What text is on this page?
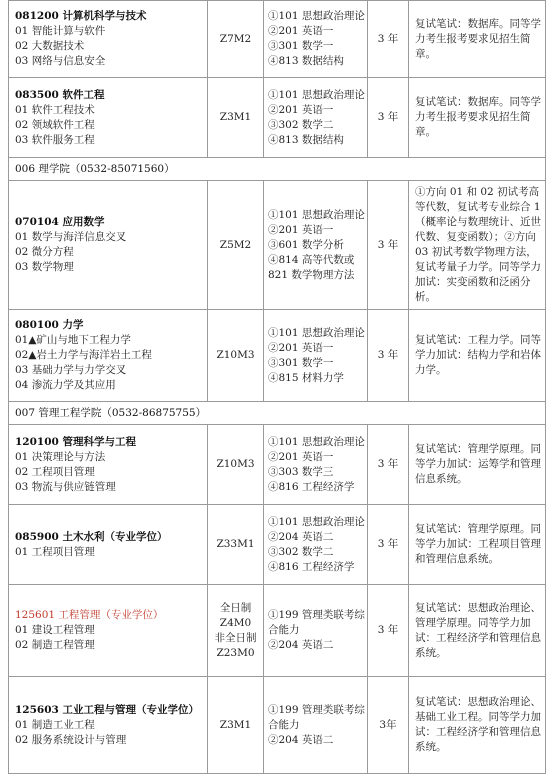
081200 计算机科学与技术
01 智能计算与软件
02 大数据技术
03 网络与信息安全	Z7M2	①101 思想政治理论
②201 英语一
③301 数学一
④813 数据结构	3 年	复试笔试：数据库。同等学力考生报考要求见招生简章。

083500 软件工程
01 软件工程技术
02 领域软件工程
03 软件服务工程	Z3M1	①101 思想政治理论
②201 英语一
③302 数学二
④813 数据结构	3 年	复试笔试：数据库。同等学力考生报考要求见招生简章。
006 理学院（0532-85071560）				

070104 应用数学
01 数学与海洋信息交叉
02 微分方程
03 数学物理	Z5M2	①101 思想政治理论
②201 英语一
③601 数学分析
④814 高等代数或821 数学物理方法	3 年	①方向 01 和 02 初试考高等代数，复试考专业综合 1（概率论与数理统计、近世代数、复变函数）；②方向 03 初试考数学物理方法，复试考量子力学。同等学力加试：实变函数和泛函分析。

080100 力学
01▲矿山与地下工程力学
02▲岩土力学与海洋岩土工程
03 基础力学与力学交叉
04 渗流力学及其应用	Z10M3	①101 思想政治理论
②201 英语一
③301 数学一
④815 材料力学	3 年	复试笔试：工程力学。同等学力加试：结构力学和岩体力学。
007 管理工程学院（0532-86875755）				

120100 管理科学与工程
01 决策理论与方法
02 工程项目管理
03 物流与供应链管理	Z10M3	①101 思想政治理论
②201 英语一
③303 数学三
④816 工程经济学	3 年	复试笔试：管理学原理。同等学力加试：运筹学和管理信息系统。

085900 土木水利（专业学位）
01 工程项目管理	Z33M1	①101 思想政治理论
②204 英语二
③302 数学二
④816 工程经济学	3 年	复试笔试：管理学原理。同等学力加试：工程项目管理和管理信息系统。

125601 工程管理（专业学位）
01 建设工程管理
02 制造工程管理	全日制
Z4M0
非全日制
Z23M0	①199 管理类联考综合能力
②204 英语二	3 年	复试笔试：思想政治理论、管理学原理。同等学力加试：工程经济学和管理信息系统。

125603 工业工程与管理（专业学位）
01 制造工业工程
02 服务系统设计与管理	Z3M1	①199 管理类联考综合能力
②204 英语二	3年	复试笔试：思想政治理论、基础工业工程。同等学力加试：工程经济学和管理信息系统。
